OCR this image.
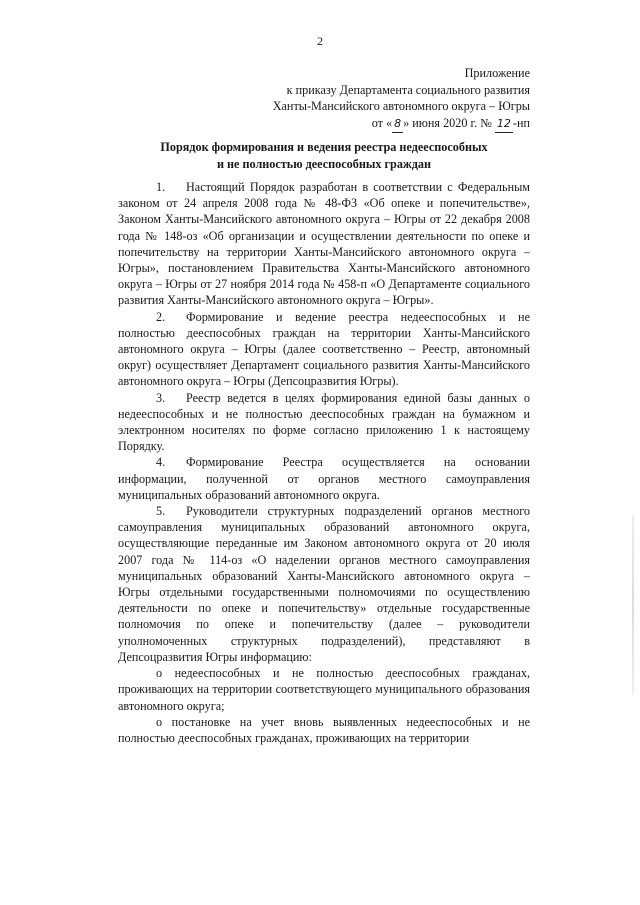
2
Приложение
к приказу Департамента социального развития
Ханты-Мансийского автономного округа – Югры
от « 8 » июня 2020 г. № 12 -нп
Порядок формирования и ведения реестра недееспособных
и не полностью дееспособных граждан

1. Настоящий Порядок разработан в соответствии с Федеральным законом от 24 апреля 2008 года № 48-ФЗ «Об опеке и попечительстве», Законом Ханты-Мансийского автономного округа – Югры от 22 декабря 2008 года № 148-оз «Об организации и осуществлении деятельности по опеке и попечительству на территории Ханты-Мансийского автономного округа – Югры», постановлением Правительства Ханты-Мансийского автономного округа – Югры от 27 ноября 2014 года № 458-п «О Департаменте социального развития Ханты-Мансийского автономного округа – Югры».

2. Формирование и ведение реестра недееспособных и не полностью дееспособных граждан на территории Ханты-Мансийского автономного округа – Югры (далее соответственно – Реестр, автономный округ) осуществляет Департамент социального развития Ханты-Мансийского автономного округа – Югры (Депсоцразвития Югры).

3. Реестр ведется в целях формирования единой базы данных о недееспособных и не полностью дееспособных граждан на бумажном и электронном носителях по форме согласно приложению 1 к настоящему Порядку.

4. Формирование Реестра осуществляется на основании информации, полученной от органов местного самоуправления муниципальных образований автономного округа.

5. Руководители структурных подразделений органов местного самоуправления муниципальных образований автономного округа, осуществляющие переданные им Законом автономного округа от 20 июля 2007 года № 114-оз «О наделении органов местного самоуправления муниципальных образований Ханты-Мансийского автономного округа – Югры отдельными государственными полномочиями по осуществлению деятельности по опеке и попечительству» отдельные государственные полномочия по опеке и попечительству (далее – руководители уполномоченных структурных подразделений), представляют в Депсоцразвития Югры информацию:

о недееспособных и не полностью дееспособных гражданах, проживающих на территории соответствующего муниципального образования автономного округа;

о постановке на учет вновь выявленных недееспособных и не полностью дееспособных гражданах, проживающих на территории
